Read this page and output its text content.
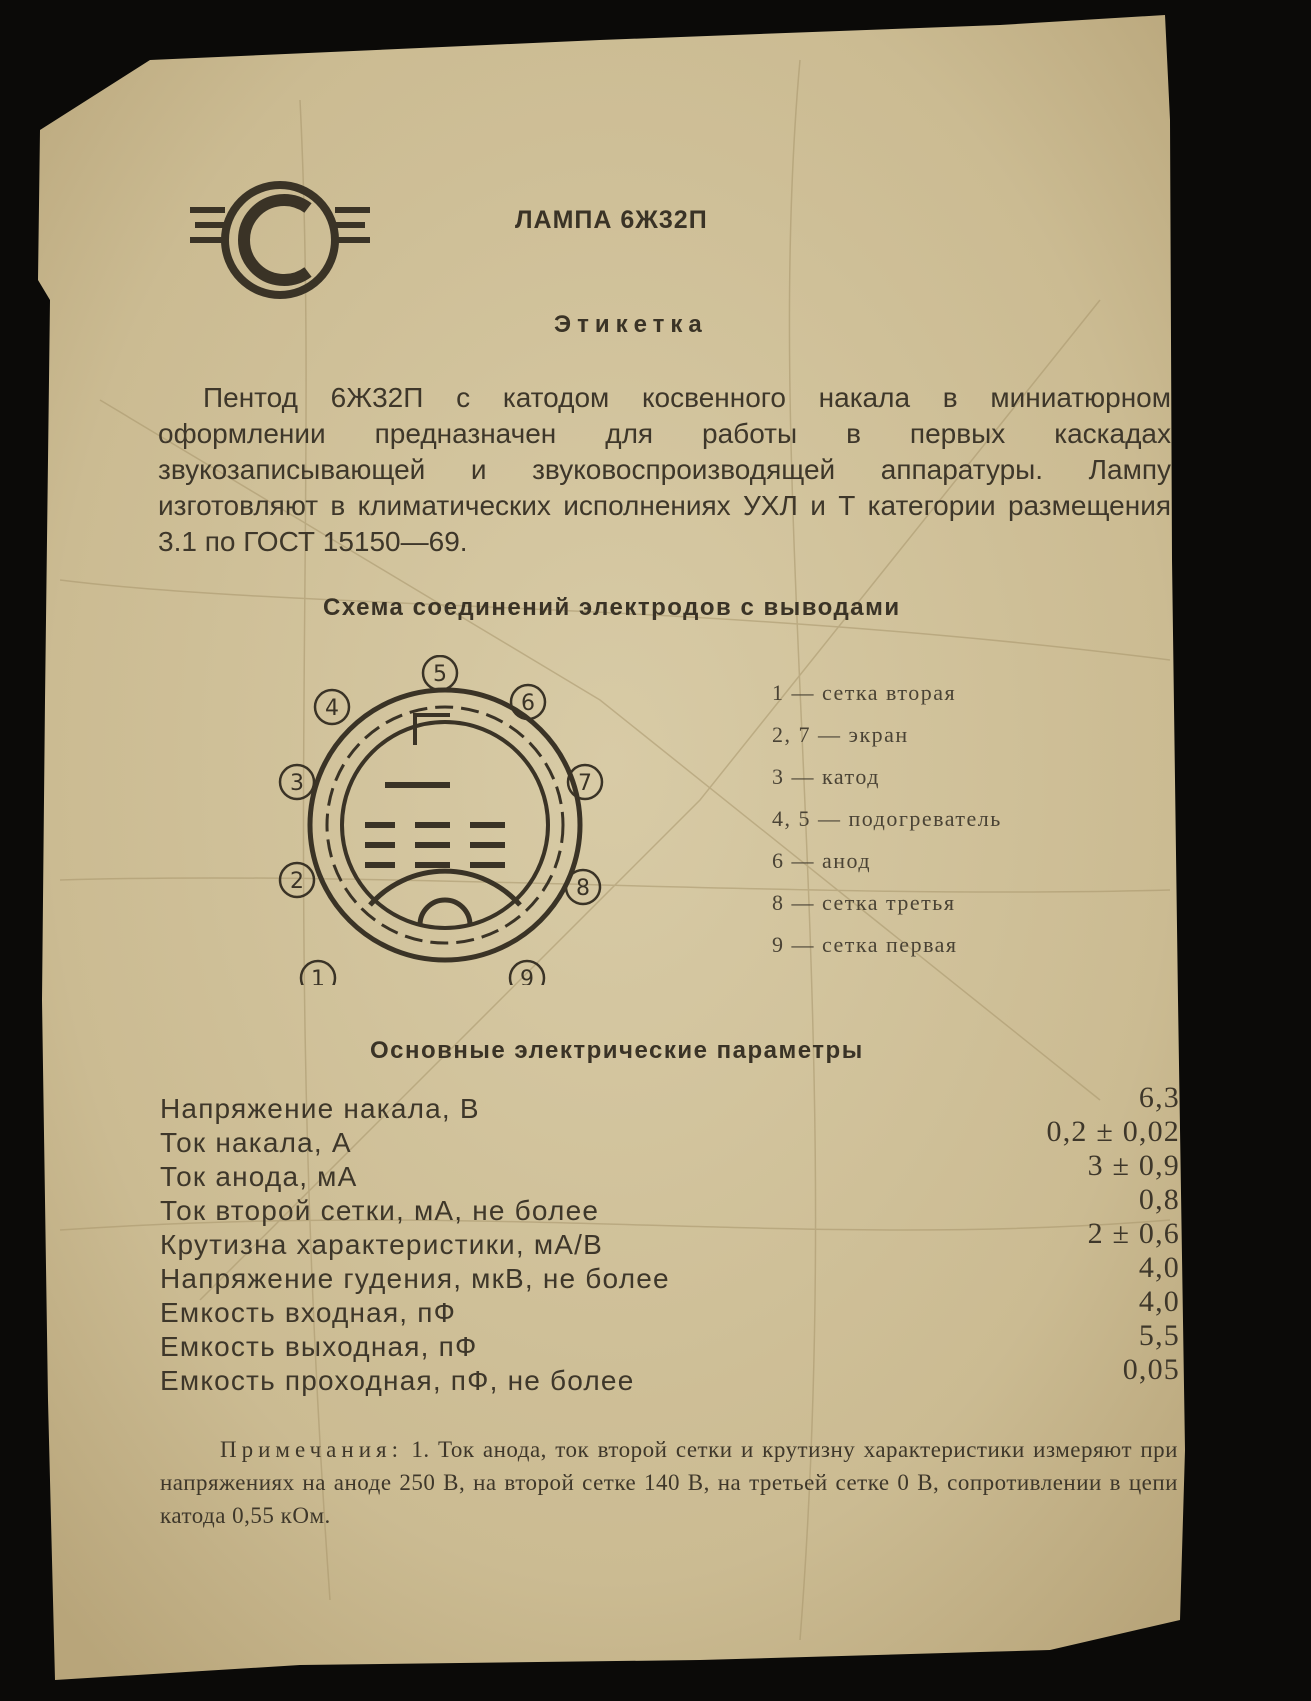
ЛАМПА 6Ж32П
Этикетка
Пентод 6Ж32П с катодом косвенного накала в миниатюрном оформлении предназначен для работы в первых каскадах звукозаписывающей и звуковоспроизводящей аппаратуры. Лампу изготовляют в климатических исполнениях УХЛ и Т категории размещения 3.1 по ГОСТ 15150—69.
Схема соединений электродов с выводами
1
2
3
4
5
6
7
8
9
1 — сетка вторая
2, 7 — экран
3 — катод
4, 5 — подогреватель
6 — анод
8 — сетка третья
9 — сетка первая
Основные электрические параметры
Напряжение накала, В	6,3
Ток накала, А	0,2 ± 0,02
Ток анода, мА	3 ± 0,9
Ток второй сетки, мА, не более	0,8
Крутизна характеристики, мА/В	2 ± 0,6
Напряжение гудения, мкВ, не более	4,0
Емкость входная, пФ	4,0
Емкость выходная, пФ	5,5
Емкость проходная, пФ, не более	0,05
Примечания: 1. Ток анода, ток второй сетки и крутизну характеристики измеряют при напряжениях на аноде 250 В, на второй сетке 140 В, на третьей сетке 0 В, сопротивлении в цепи катода 0,55 кОм.
